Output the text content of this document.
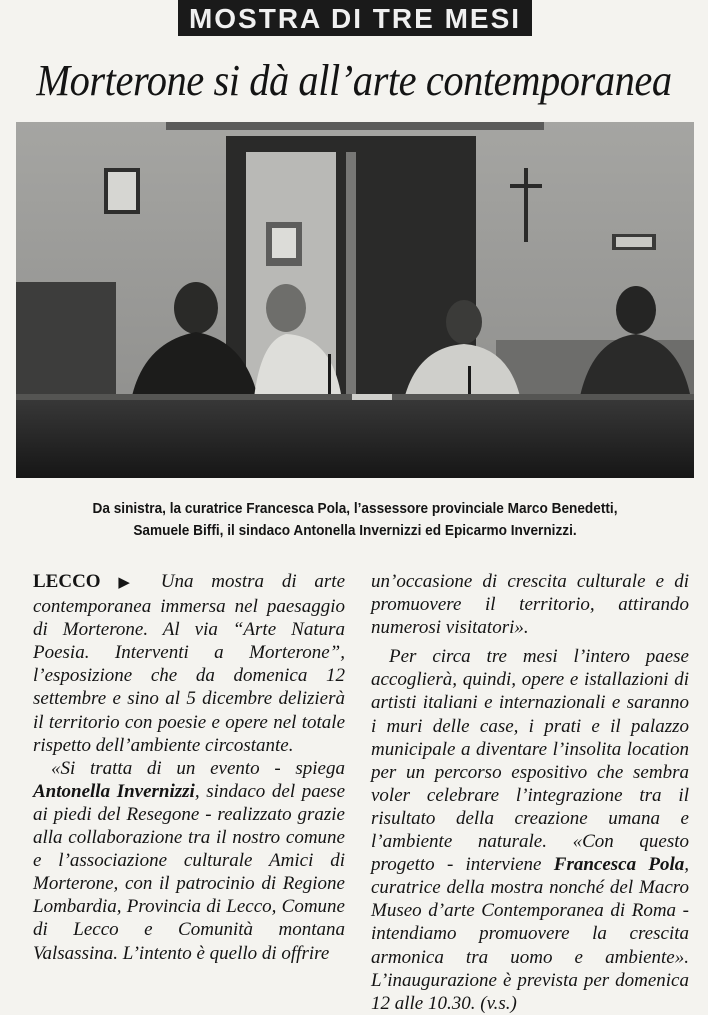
MOSTRA DI TRE MESI
Morterone si dà all’arte contemporanea
Da sinistra, la curatrice Francesca Pola, l’assessore provinciale Marco Benedetti,
Samuele Biffi, il sindaco Antonella Invernizzi ed Epicarmo Invernizzi.

LECCO ▶ Una mostra di arte contemporanea immersa nel paesaggio di Morterone. Al via “Arte Natura Poesia. Interventi a Morterone”, l’esposizione che da domenica 12 settembre e sino al 5 dicembre delizierà il territorio con poesie e opere nel totale rispetto dell’ambiente circostante.

«Si tratta di un evento - spiega Antonella Invernizzi, sindaco del paese ai piedi del Resegone - realizzato grazie alla collaborazione tra il nostro comune e l’associazione culturale Amici di Morterone, con il patrocinio di Regione Lombardia, Provincia di Lecco, Comune di Lecco e Comunità montana Valsassina. L’intento è quello di offrire

un’occasione di crescita culturale e di promuovere il territorio, attirando numerosi visitatori».

Per circa tre mesi l’intero paese accoglierà, quindi, opere e istallazioni di artisti italiani e internazionali e saranno i muri delle case, i prati e il palazzo municipale a diventare l’insolita location per un percorso espositivo che sembra voler celebrare l’integrazione tra il risultato della creazione umana e l’ambiente naturale. «Con questo progetto - interviene Francesca Pola, curatrice della mostra nonché del Macro Museo d’arte Contemporanea di Roma - intendiamo promuovere la crescita armonica tra uomo e ambiente». L’inaugurazione è prevista per domenica 12 alle 10.30. (v.s.)
